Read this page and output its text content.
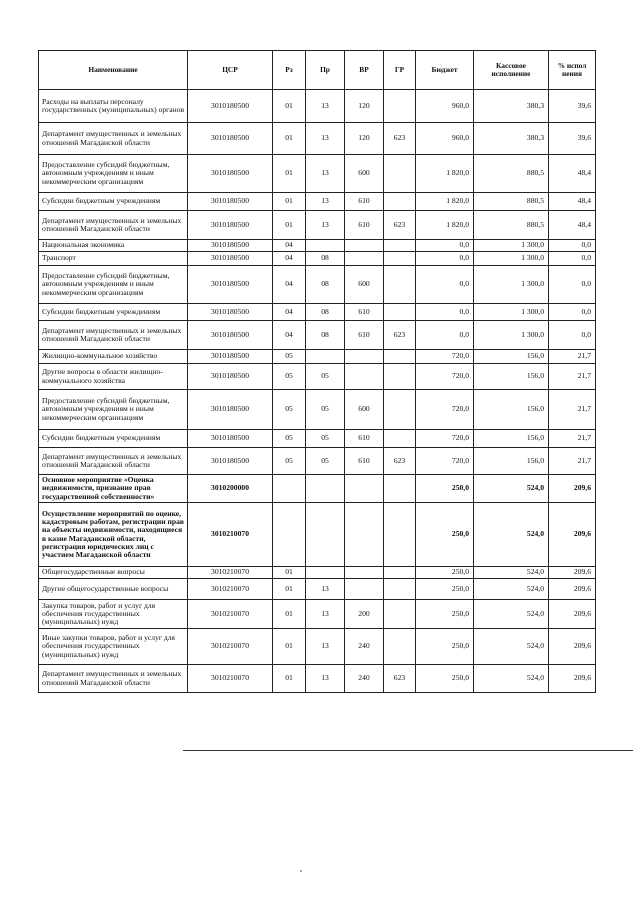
Наименование	ЦСР	Рз	Пр	ВР	ГР	Бюджет	Кассовое исполнение	% испол нения
Расходы на выплаты персоналу государственных (муниципальных) органов	3010180500	01	13	120		960,0	380,3	39,6
Департамент имущественных и земельных отношений Магаданской области	3010180500	01	13	120	623	960,0	380,3	39,6
Предоставление субсидий бюджетным, автономным учреждениям и иным некоммерческим организациям	3010180500	01	13	600		1 820,0	880,5	48,4
Субсидии бюджетным учреждениям	3010180500	01	13	610		1 820,0	880,5	48,4
Департамент имущественных и земельных отношений Магаданской области	3010180500	01	13	610	623	1 820,0	880,5	48,4
Национальная экономика	3010180500	04				0,0	1 300,0	0,0
Транспорт	3010180500	04	08			0,0	1 300,0	0,0
Предоставление субсидий бюджетным, автономным учреждениям и иным некоммерческим организациям	3010180500	04	08	600		0,0	1 300,0	0,0
Субсидии бюджетным учреждениям	3010180500	04	08	610		0,0	1 300,0	0,0
Департамент имущественных и земельных отношений Магаданской области	3010180500	04	08	610	623	0,0	1 300,0	0,0
Жилищно-коммунальное хозяйство	3010180500	05				720,0	156,0	21,7
Другие вопросы в области жилищно-коммунального хозяйства	3010180500	05	05			720,0	156,0	21,7
Предоставление субсидий бюджетным, автономным учреждениям и иным некоммерческим организациям	3010180500	05	05	600		720,0	156,0	21,7
Субсидии бюджетным учреждениям	3010180500	05	05	610		720,0	156,0	21,7
Департамент имущественных и земельных отношений Магаданской области	3010180500	05	05	610	623	720,0	156,0	21,7
Основное мероприятие «Оценка недвижимости, признание прав государственной собственности»	3010200000					250,0	524,0	209,6
Осуществление мероприятий по оценке, кадастровым работам, регистрации прав на объекты недвижимости, находящиеся в казне Магаданской области, регистрация юридических лиц с участием Магаданской области	3010210070					250,0	524,0	209,6
Общегосударственные вопросы	3010210070	01				250,0	524,0	209,6
Другие общегосударственные вопросы	3010210070	01	13			250,0	524,0	209,6
Закупка товаров, работ и услуг для обеспечения государственных (муниципальных) нужд	3010210070	01	13	200		250,0	524,0	209,6
Иные закупки товаров, работ и услуг для обеспечения государственных (муниципальных) нужд	3010210070	01	13	240		250,0	524,0	209,6
Департамент имущественных и земельных отношений Магаданской области	3010210070	01	13	240	623	250,0	524,0	209,6
